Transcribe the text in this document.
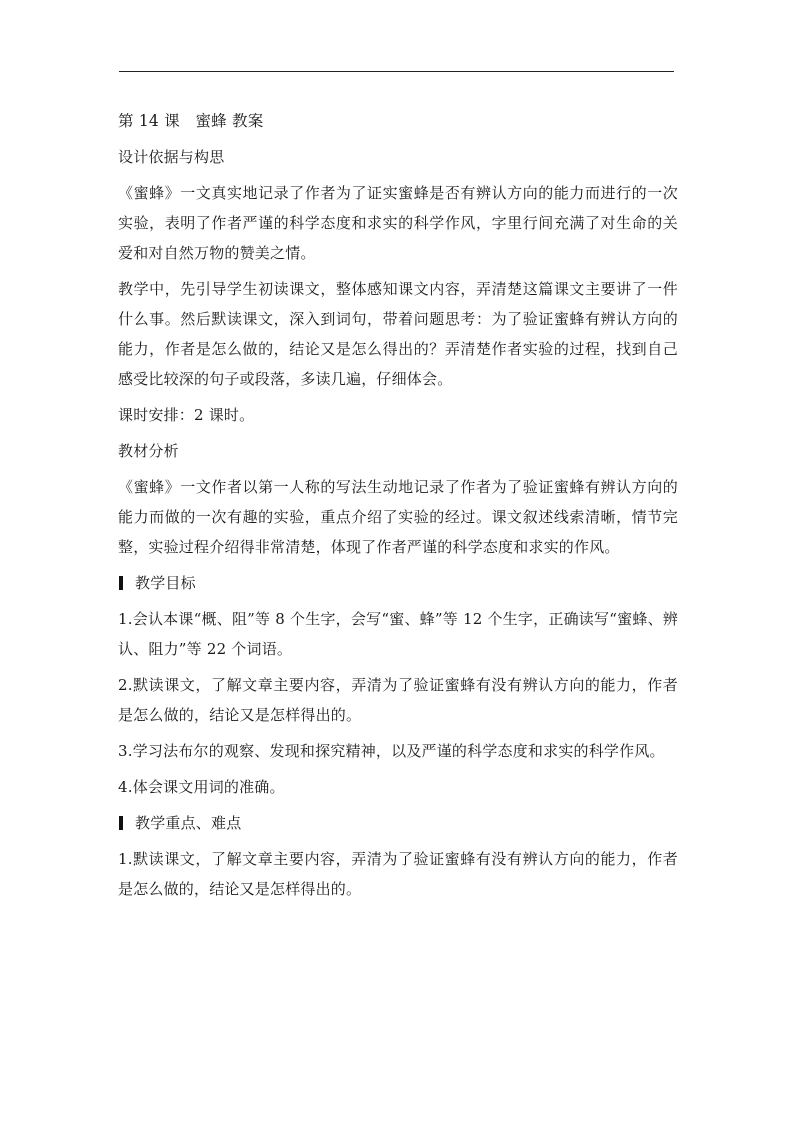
第 14 课　蜜蜂 教案

设计依据与构思

《蜜蜂》一文真实地记录了作者为了证实蜜蜂是否有辨认方向的能力而进行的一次实验，表明了作者严谨的科学态度和求实的科学作风，字里行间充满了对生命的关爱和对自然万物的赞美之情。

教学中，先引导学生初读课文，整体感知课文内容，弄清楚这篇课文主要讲了一件什么事。然后默读课文，深入到词句，带着问题思考：为了验证蜜蜂有辨认方向的能力，作者是怎么做的，结论又是怎么得出的？弄清楚作者实验的过程，找到自己感受比较深的句子或段落，多读几遍，仔细体会。

课时安排：2 课时。

教材分析

《蜜蜂》一文作者以第一人称的写法生动地记录了作者为了验证蜜蜂有辨认方向的能力而做的一次有趣的实验，重点介绍了实验的经过。课文叙述线索清晰，情节完整，实验过程介绍得非常清楚，体现了作者严谨的科学态度和求实的作风。

教学目标

1.会认本课“概、阻”等 8 个生字，会写“蜜、蜂”等 12 个生字，正确读写“蜜蜂、辨认、阻力”等 22 个词语。

2.默读课文，了解文章主要内容，弄清为了验证蜜蜂有没有辨认方向的能力，作者是怎么做的，结论又是怎样得出的。

3.学习法布尔的观察、发现和探究精神，以及严谨的科学态度和求实的科学作风。

4.体会课文用词的准确。

教学重点、难点

1.默读课文，了解文章主要内容，弄清为了验证蜜蜂有没有辨认方向的能力，作者是怎么做的，结论又是怎样得出的。
